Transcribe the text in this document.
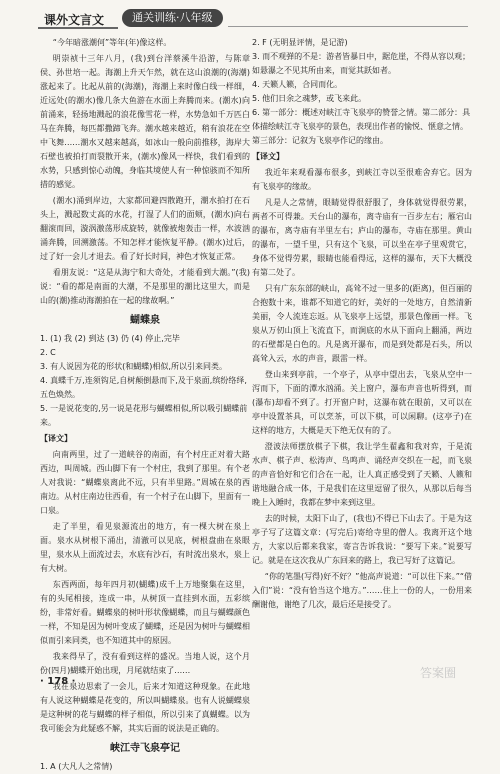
课外文言文	通关训练·八年级

“今年暗涨潮何”等年(年)像这样。

明崇祯十三年八月，(我)到台洋蔡溪牛沿游，与陈章侯、孙世培一起。海潮上升天乍然，就在这山浪潮的(海潮)涨起来了。比起从前的(海潮)，海潮上来时像白线一样细，近远处(的潮水)像几条大鱼游在水面上奔腾而来。(潮水)向前涌来，轻扬地溅起的浪花像雪花一样，水势急如千万匹白马在奔腾，每匹都撒蹄飞奔。潮水越来越近，稍有浪花在空中飞舞……潮水又越来越高，如冰山一般向前推移，海岸大石壁也被拍打而裂散开来，(潮水)像风一样快，我们看到的水势，只感到惊心动魄，身临其境使人有一种惊骇而不知所措的感觉。

(潮水)涌到岸边，大家都回避四散跑开，潮水拍打在石头上，溅起数丈高的水花，打湿了人们的面颊，(潮水)向右翻滚而回，漩涡激荡形成旋转，就像被炮轰击一样，水波汹涌奔腾，回溯激荡。不知怎样才能恢复平静。(潮水)过后，过了好一会儿才退去。看了好长时间，神色才恢复正常。

看朋友说：“这是从海宁和大奇处，才能看到大潮。”(我)说：“看的都是南面的大潮，不是那里的潮比这里大，而是山的(潮)推动海潮拍在一起的缘故啊。”

蝴蝶泉

1. (1) 我 (2) 到达 (3) 仍 (4) 停止,完毕

2. C

3. 有人说因为花的形状(和蝴蝶)相似,所以引来同类。

4. 真蝶千万,连须钩足,自树颠倒悬而下,及于泉面,缤纷络绎,五色焕然。

5. 一是说花变的,另一说是花形与蝴蝶相似,所以吸引蝴蝶前来。

【译文】

向南两里，过了一道峡谷的南面，有个村庄正对着大路西边，叫周城。西山脚下有一个村庄，我到了那里。有个老人对我说：“蝴蝶泉离此不远，只有半里路。”周城在泉的西南边。从村庄南边往西看，有一个村子在山脚下，里面有一口泉。

走了半里，看见泉源流出的地方，有一棵大树在泉上面。泉水从树根下涌出，清澈可以见底，树根盘曲在泉眼里，泉水从上面流过去，水底有沙石，有时流出泉水，泉上有大树。

东西两面，每年四月初(蝴蝶)成千上万地聚集在这里，有的头尾相接，连成一串，从树顶一直挂到水面，五彩缤纷，非常好看。蝴蝶泉的树叶形状像蝴蝶，而且与蝴蝶颜色一样，不知是因为树叶变成了蝴蝶，还是因为树叶与蝴蝶相似而引来同类，也不知道其中的原因。

我来得早了，没有看到这样的盛况。当地人说，这个月份(四月)蝴蝶开始出现，月尾就结束了……

我在泉边思索了一会儿，后来才知道这种现象。在此地有人说这种蝴蝶是花变的，所以叫蝴蝶泉。也有人说蝴蝶泉是这种树的花与蝴蝶的样子相似，所以引来了真蝴蝶。以为我可能会为此疑惑不解，其实后面的说法是正确的。

峡江寺飞泉亭记

1. A (大凡人之常情)

2. F (无明显评情，是记游)

3. 而不观弹的不是：游者皆暴日中，踞危崖，不得从容以观；如悬瀑之不见其所由来，而觉其跃如者。

4. 天籁人籁，合同而化。

5. 他们日余之魂梦，或飞来此。

6. 第一部分：概述对峡江寺飞泉亭的赞誉之情。第二部分：具体描绘峡江寺飞泉亭的景色，表现出作者的愉悦、惬意之情。第三部分：记叙为飞泉亭作记的缘由。

【译文】

我近年来观看瀑布很多，到峡江寺以至很难舍弃它。因为有飞泉亭的缘故。

凡是人之常情，眼睛觉得很舒服了，身体就觉得很劳累，两者不可得兼。天台山的瀑布，离寺庙有一百步左右；雁宕山的瀑布，离寺庙有半里左右；庐山的瀑布，寺庙在那里。黄山的瀑布，一望千里，只有这个飞泉，可以坐在亭子里观赏它，身体不觉得劳累，眼睛也能看得远，这样的瀑布，天下大概没有第二处了。

只有广东东部的峡山，高耸不过一里多的(距离)，但百丽的合抱数十来，谁都不知道它的好，美好的一处地方，自然清新美丽，令人流连忘返。从飞泉亭上远望，那景色像画一样。飞泉从万仞山顶上飞流直下，而涧底的水从下面向上翻涌，两边的石壁都是白色的。凡是离开瀑布，而是到处都是石头，所以高耸入云，水的声音，跟雷一样。

登山来到亭前，一个亭子，从亭中望出去，飞泉从空中一泻而下，下面的潭水汹涌。关上窗户，瀑布声音也听得到，而(瀑布)却看不到了。打开窗户时，这瀑布就在眼前，又可以在亭中设置茶具，可以烹茶，可以下棋，可以闲聊。(这亭子)在这样的地方，大概是天下绝无仅有的了。

澄波法师摆放棋子下棋，我让学生翟鑫和我对弈，于是流水声、棋子声、松涛声、鸟鸣声、诵经声交织在一起，而飞泉的声音恰好和它们合在一起，让人真正感受到了天籁、人籁和谐地融合成一体，于是我们在这里逗留了很久，从那以后每当晚上入睡时，我都在梦中来到这里。

去的时候，太阳下山了，(我也)不得已下山去了。于是为这亭子写了这篇文章：(写完后)寄给寺里的僧人。我离开这个地方，大家以后都来我家，寄言告诉我说：“要写下来。”说要写记。就是在这次我从广东回来的路上，我已写好了这篇记。

“你的笔墨(写得)好不好？”他高声说道：“可以住下来。”“借入们”说：“没有恰当这个地方。”……住上一份的人，一份用来酬谢他，谢绝了几次，最后还是接受了。

· 178 ·
答案圈
